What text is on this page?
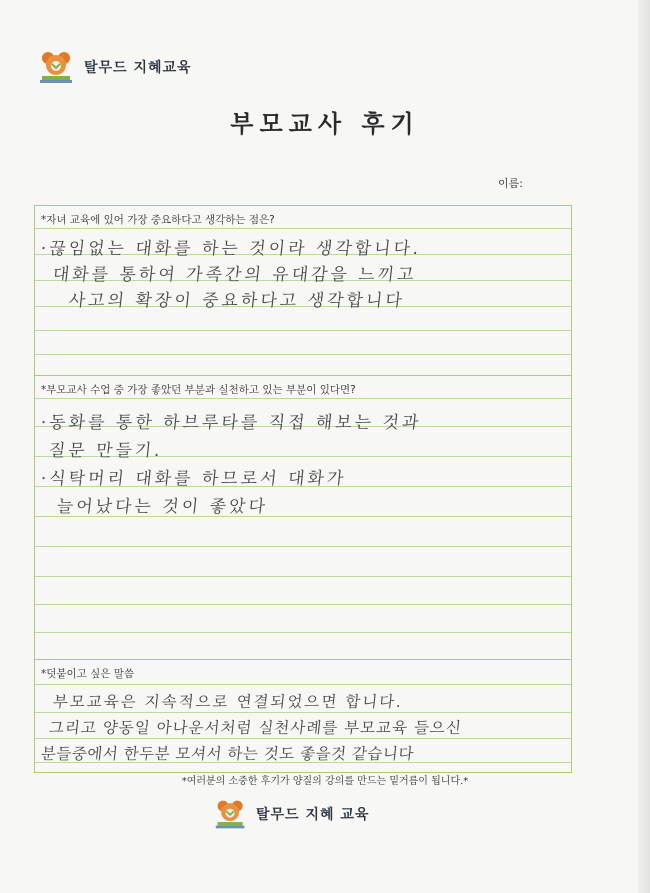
탈무드 지혜교육
부모교사 후기
이름:
*자녀 교육에 있어 가장 중요하다고 생각하는 점은?
·끊임없는 대화를 하는 것이라 생각합니다.
대화를 통하여 가족간의 유대감을 느끼고
사고의 확장이 중요하다고 생각합니다
*부모교사 수업 중 가장 좋았던 부분과 실천하고 있는 부분이 있다면?
·동화를 통한 하브루타를 직접 해보는 것과
질문 만들기.
·식탁머리 대화를 하므로서 대화가
늘어났다는 것이 좋았다
*덧붙이고 싶은 말씀
부모교육은 지속적으로 연결되었으면 합니다.
그리고 양동일 아나운서처럼 실천사례를 부모교육 들으신
분들중에서 한두분 모셔서 하는 것도 좋을것 같습니다
*여러분의 소중한 후기가 양질의 강의를 만드는 밑거름이 됩니다.*
탈무드 지혜 교육
